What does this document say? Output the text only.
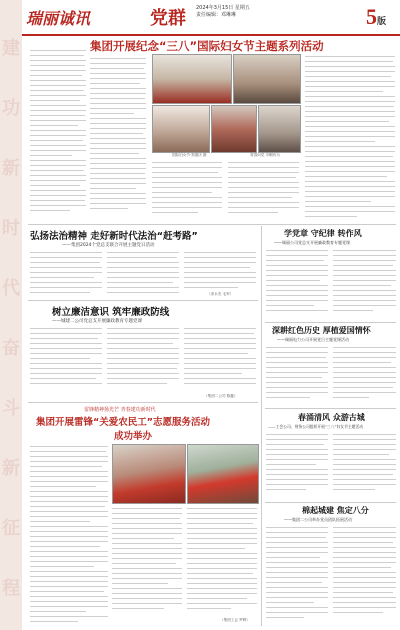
建
功
新
时
代
奋
斗
新
征
程
瑞丽诚讯	党群 2024年3月15日 星期五
责任编辑：邓琳琳	5版
集团开展纪念“三八”国际妇女节主题系列活动
国际妇女节·郑德庆 摄	青春向党 巾帼有为
弘扬法治精神 走好新时代法治“赶考路”
——集团2024个党总支联合开展主题党日活动
（邓永杰 毛军）
树立廉洁意识 筑牢廉政防线
——城建二公司党总支开展廉政教育专题党课
（集团二公司 陈鑫）
雷锋精神扬光芒 青春建功新时代
集团开展雷锋“关爱农民工”志愿服务活动
成功举办
（集团工会 罗辉）
学党章 守纪律 转作风
——瑞丽公司党总支开展廉政教育专题党课
深耕红色历史 厚植爱国情怀
——瑞丽电力公司开展党日主题党课活动
春涌清风 众游古城
——工会公司、财务公司组织开展“三八”妇女节主题活动
棉起城建 焦定八分
——集团二公司举办党员团队拓展活动
